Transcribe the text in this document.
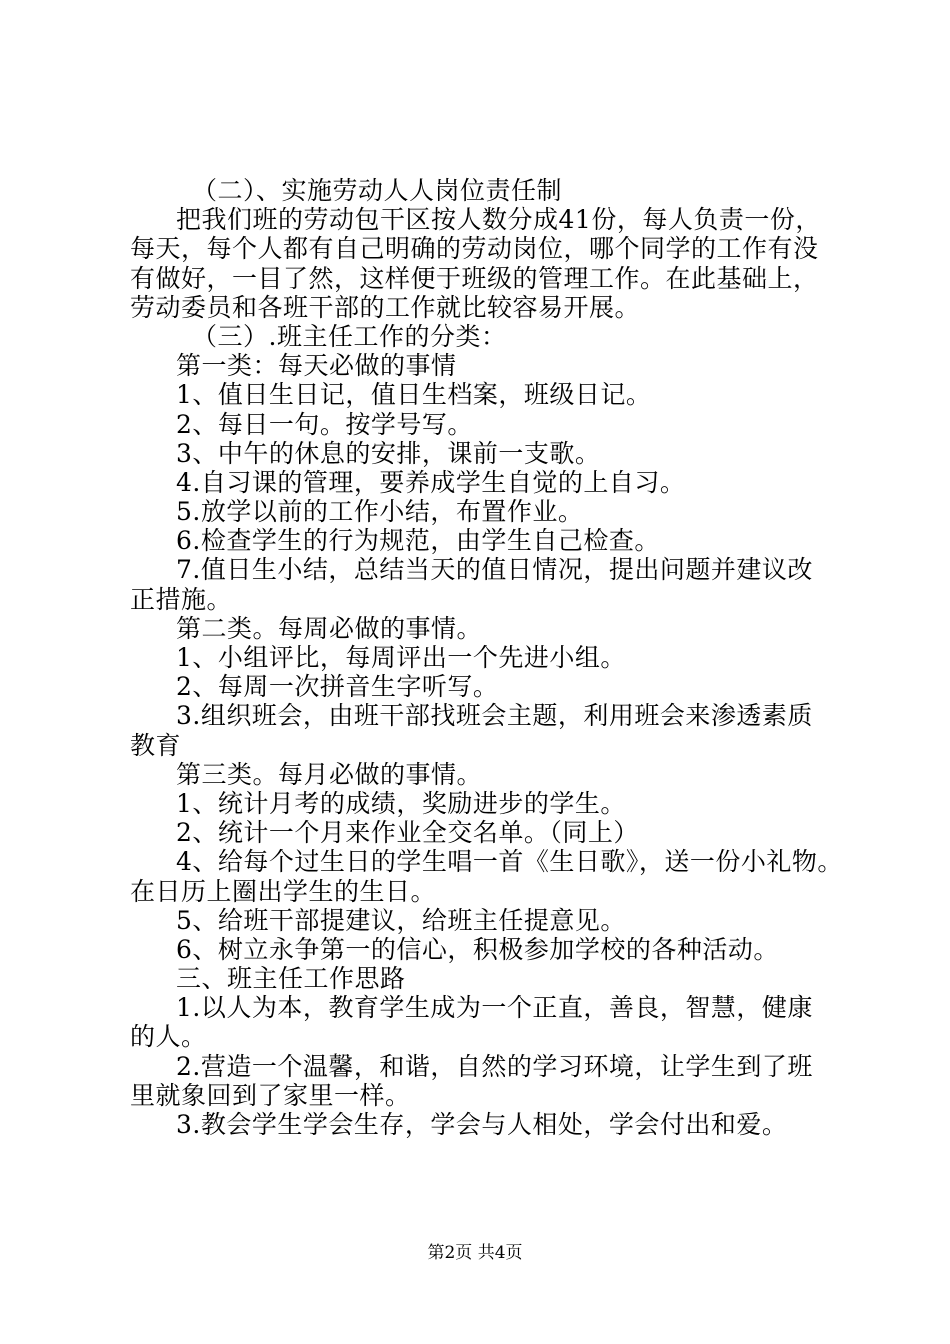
（二）、实施劳动人人岗位责任制
把我们班的劳动包干区按人数分成41份，每人负责一份，
每天，每个人都有自己明确的劳动岗位，哪个同学的工作有没
有做好，一目了然，这样便于班级的管理工作。在此基础上，
劳动委员和各班干部的工作就比较容易开展。
（三）.班主任工作的分类：
第一类：每天必做的事情
1、值日生日记，值日生档案，班级日记。
2、每日一句。按学号写。
3、中午的休息的安排，课前一支歌。
4.自习课的管理，要养成学生自觉的上自习。
5.放学以前的工作小结，布置作业。
6.检查学生的行为规范，由学生自己检查。
7.值日生小结，总结当天的值日情况，提出问题并建议改
正措施。
第二类。每周必做的事情。
1、小组评比，每周评出一个先进小组。
2、每周一次拼音生字听写。
3.组织班会，由班干部找班会主题，利用班会来渗透素质
教育
第三类。每月必做的事情。
1、统计月考的成绩，奖励进步的学生。
2、统计一个月来作业全交名单。（同上）
4、给每个过生日的学生唱一首《生日歌》，送一份小礼物。
在日历上圈出学生的生日。
5、给班干部提建议，给班主任提意见。
6、树立永争第一的信心，积极参加学校的各种活动。
三、班主任工作思路
1.以人为本，教育学生成为一个正直，善良，智慧，健康
的人。
2.营造一个温馨，和谐，自然的学习环境，让学生到了班
里就象回到了家里一样。
3.教会学生学会生存，学会与人相处，学会付出和爱。
第2页 共4页
